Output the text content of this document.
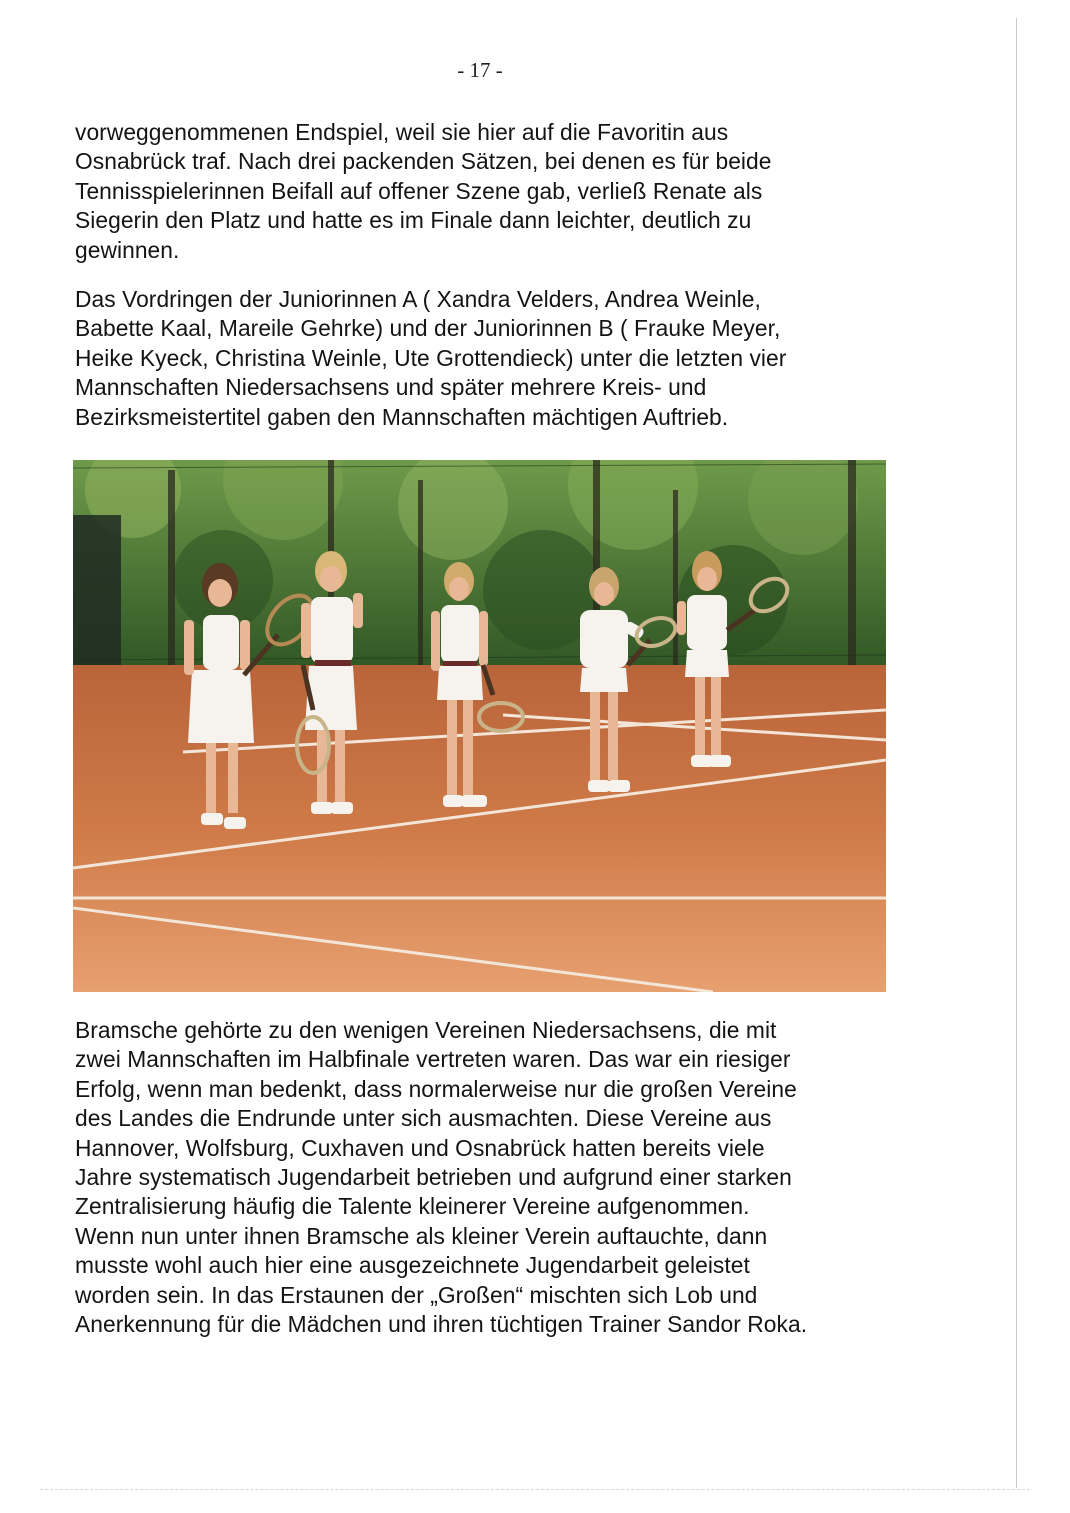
- 17 -

vorweggenommenen Endspiel, weil sie hier auf die Favoritin aus
Osnabrück traf. Nach drei packenden Sätzen, bei denen es für beide
Tennisspielerinnen Beifall auf offener Szene gab, verließ Renate als
Siegerin den Platz und hatte es im Finale dann leichter, deutlich zu
gewinnen.

Das Vordringen der Juniorinnen A ( Xandra Velders, Andrea Weinle,
Babette Kaal, Mareile Gehrke) und der Juniorinnen B ( Frauke Meyer,
Heike Kyeck, Christina Weinle, Ute Grottendieck) unter die letzten vier
Mannschaften Niedersachsens und später mehrere Kreis- und
Bezirksmeistertitel gaben den Mannschaften mächtigen Auftrieb.

Bramsche gehörte zu den wenigen Vereinen Niedersachsens, die mit
zwei Mannschaften im Halbfinale vertreten waren. Das war ein riesiger
Erfolg, wenn man bedenkt, dass normalerweise nur die großen Vereine
des Landes die Endrunde unter sich ausmachten. Diese Vereine aus
Hannover, Wolfsburg, Cuxhaven und Osnabrück hatten bereits viele
Jahre systematisch Jugendarbeit betrieben und aufgrund einer starken
Zentralisierung häufig die Talente kleinerer Vereine aufgenommen.
Wenn nun unter ihnen Bramsche als kleiner Verein auftauchte, dann
musste wohl auch hier eine ausgezeichnete Jugendarbeit geleistet
worden sein. In das Erstaunen der „Großen“ mischten sich Lob und
Anerkennung für die Mädchen und ihren tüchtigen Trainer Sandor Roka.
